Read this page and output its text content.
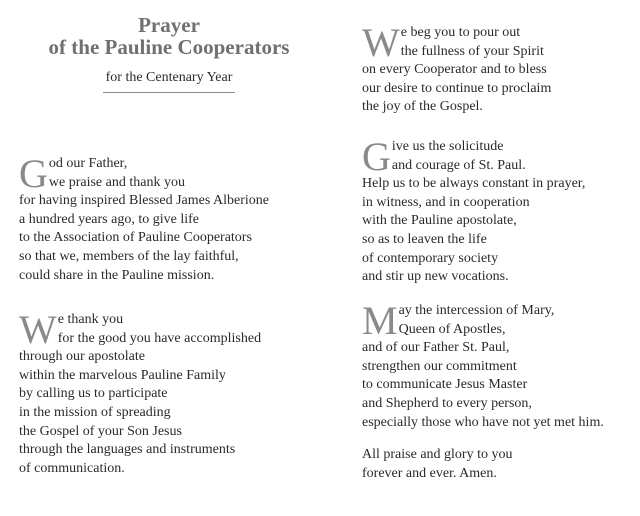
Prayer
of the Pauline Cooperators
for the Centenary Year
G od our Father,
we praise and thank you
for having inspired Blessed James Alberione
a hundred years ago, to give life
to the Association of Pauline Cooperators
so that we, members of the lay faithful,
could share in the Pauline mission.
W e thank you
for the good you have accomplished
through our apostolate
within the marvelous Pauline Family
by calling us to participate
in the mission of spreading
the Gospel of your Son Jesus
through the languages and instruments
of communication.
W e beg you to pour out
the fullness of your Spirit
on every Cooperator and to bless
our desire to continue to proclaim
the joy of the Gospel.
G ive us the solicitude
and courage of St. Paul.
Help us to be always constant in prayer,
in witness, and in cooperation
with the Pauline apostolate,
so as to leaven the life
of contemporary society
and stir up new vocations.
M ay the intercession of Mary,
Queen of Apostles,
and of our Father St. Paul,
strengthen our commitment
to communicate Jesus Master
and Shepherd to every person,
especially those who have not yet met him.
All praise and glory to you
forever and ever. Amen.
